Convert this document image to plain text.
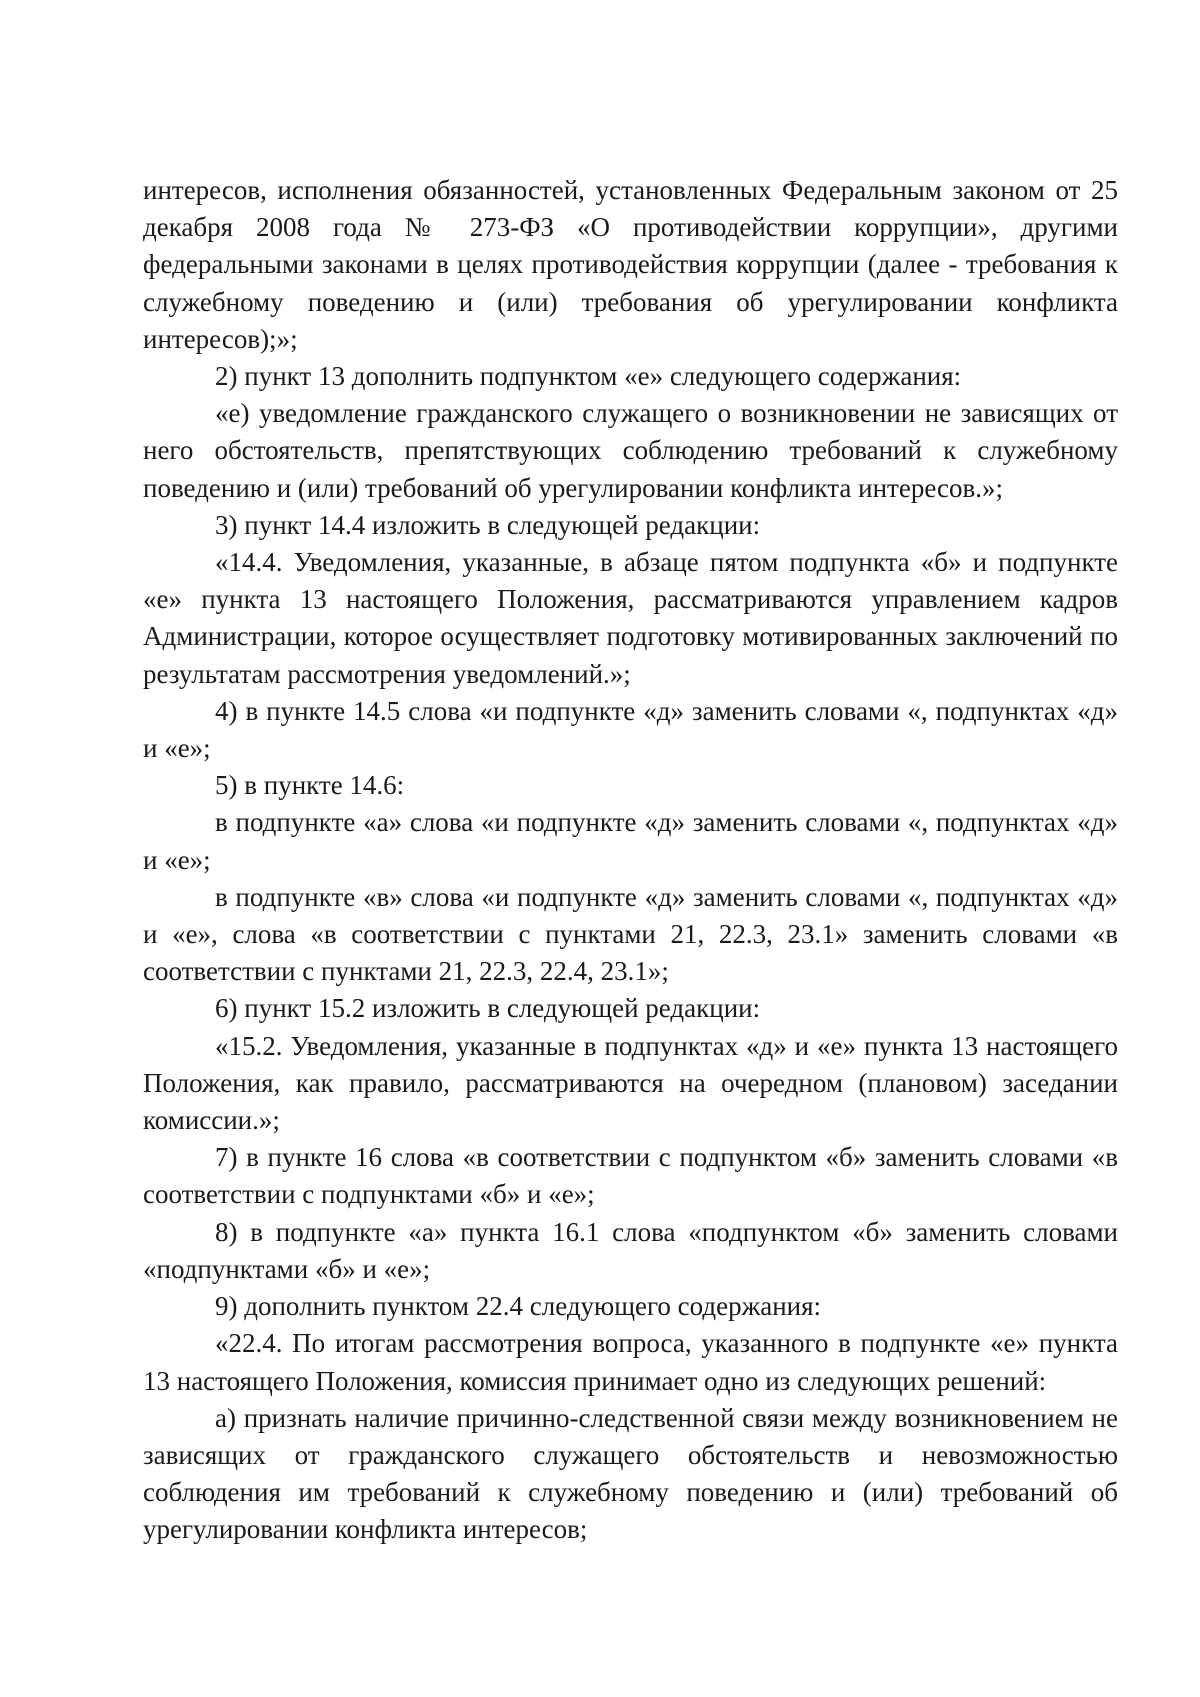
интересов, исполнения обязанностей, установленных Федеральным законом от 25 декабря 2008 года № 273-ФЗ «О противодействии коррупции», другими федеральными законами в целях противодействия коррупции (далее - требования к служебному поведению и (или) требования об урегулировании конфликта интересов);»;

2) пункт 13 дополнить подпунктом «е» следующего содержания:

«е) уведомление гражданского служащего о возникновении не зависящих от него обстоятельств, препятствующих соблюдению требований к служебному поведению и (или) требований об урегулировании конфликта интересов.»;

3) пункт 14.4 изложить в следующей редакции:

«14.4. Уведомления, указанные, в абзаце пятом подпункта «б» и подпункте «е» пункта 13 настоящего Положения, рассматриваются управлением кадров Администрации, которое осуществляет подготовку мотивированных заключений по результатам рассмотрения уведомлений.»;

4) в пункте 14.5 слова «и подпункте «д» заменить словами «, подпунктах «д» и «е»;

5) в пункте 14.6:

в подпункте «а» слова «и подпункте «д» заменить словами «, подпунктах «д» и «е»;

в подпункте «в» слова «и подпункте «д» заменить словами «, подпунктах «д» и «е», слова «в соответствии с пунктами 21, 22.3, 23.1» заменить словами «в соответствии с пунктами 21, 22.3, 22.4, 23.1»;

6) пункт 15.2 изложить в следующей редакции:

«15.2. Уведомления, указанные в подпунктах «д» и «е» пункта 13 настоящего Положения, как правило, рассматриваются на очередном (плановом) заседании комиссии.»;

7) в пункте 16 слова «в соответствии с подпунктом «б» заменить словами «в соответствии с подпунктами «б» и «е»;

8) в подпункте «а» пункта 16.1 слова «подпунктом «б» заменить словами «подпунктами «б» и «е»;

9) дополнить пунктом 22.4 следующего содержания:

«22.4. По итогам рассмотрения вопроса, указанного в подпункте «е» пункта 13 настоящего Положения, комиссия принимает одно из следующих решений:

а) признать наличие причинно-следственной связи между возникновением не зависящих от гражданского служащего обстоятельств и невозможностью соблюдения им требований к служебному поведению и (или) требований об урегулировании конфликта интересов;
